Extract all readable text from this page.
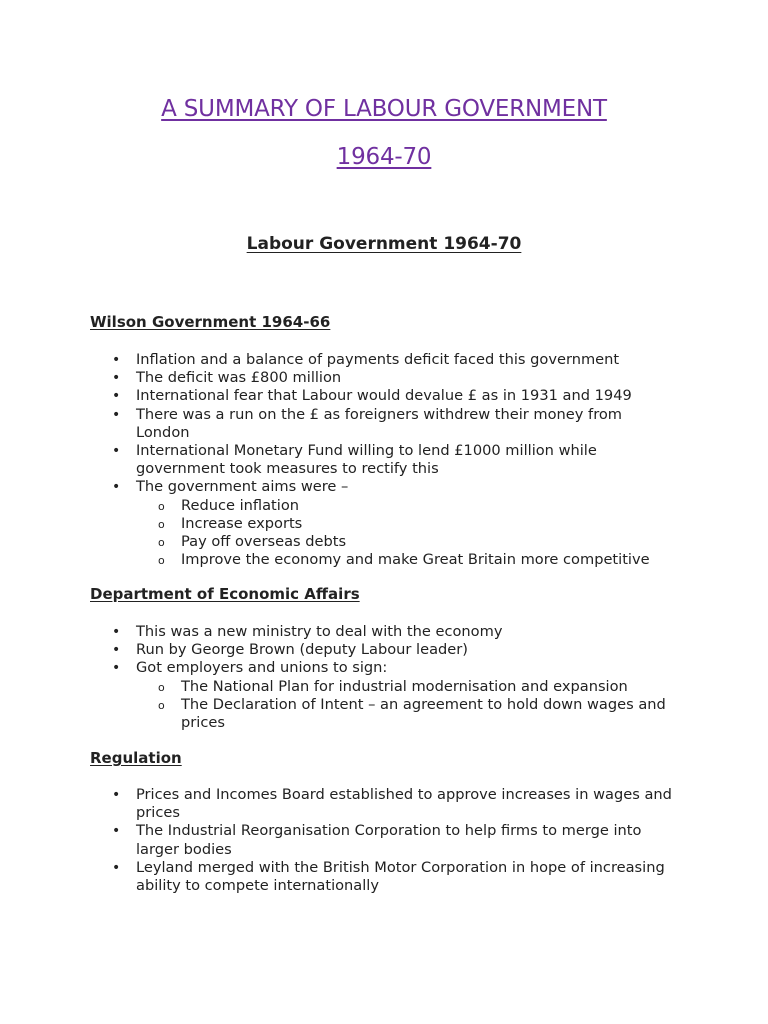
A SUMMARY OF LABOUR GOVERNMENT
1964-70
Labour Government 1964-70
Wilson Government 1964-66
• Inflation and a balance of payments deficit faced this government
• The deficit was £800 million
• International fear that Labour would devalue £ as in 1931 and 1949
• There was a run on the £ as foreigners withdrew their money from London
• International Monetary Fund willing to lend £1000 million while government took measures to rectify this
• The government aims were –
o Reduce inflation
o Increase exports
o Pay off overseas debts
o Improve the economy and make Great Britain more competitive
Department of Economic Affairs
• This was a new ministry to deal with the economy
• Run by George Brown (deputy Labour leader)
• Got employers and unions to sign:
o The National Plan for industrial modernisation and expansion
o The Declaration of Intent – an agreement to hold down wages and prices
Regulation
• Prices and Incomes Board established to approve increases in wages and prices
• The Industrial Reorganisation Corporation to help firms to merge into larger bodies
• Leyland merged with the British Motor Corporation in hope of increasing ability to compete internationally
